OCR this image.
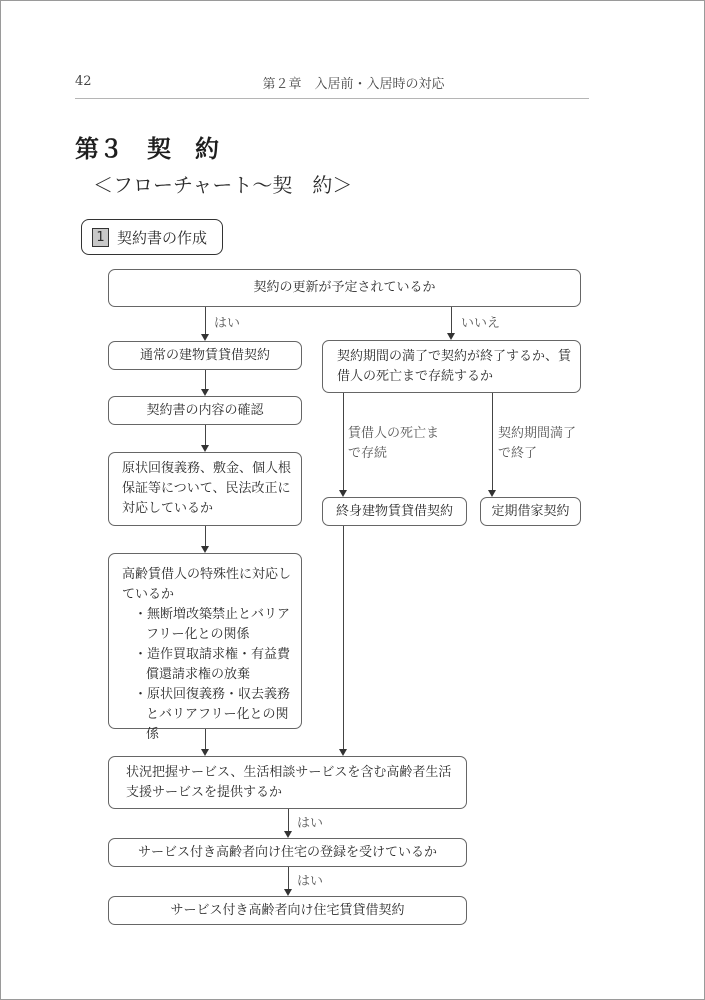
42	第２章　入居前・入居時の対応
第３　契　約
＜フローチャート～契　約＞
1 契約書の作成
契約の更新が予定されているか
通常の建物賃貸借契約	契約期間の満了で契約が終了するか、賃借人の死亡まで存続するか
契約書の内容の確認
原状回復義務、敷金、個人根保証等について、民法改正に対応しているか	終身建物賃貸借契約	定期借家契約
高齢賃借人の特殊性に対応しているか
・無断増改築禁止とバリアフリー化との関係
・造作買取請求権・有益費償還請求権の放棄
・原状回復義務・収去義務とバリアフリー化との関係
状況把握サービス、生活相談サービスを含む高齢者生活支援サービスを提供するか
サービス付き高齢者向け住宅の登録を受けているか
サービス付き高齢者向け住宅賃貸借契約
はい	いいえ
賃借人の死亡まで存続
契約期間満了で終了
はい
はい
